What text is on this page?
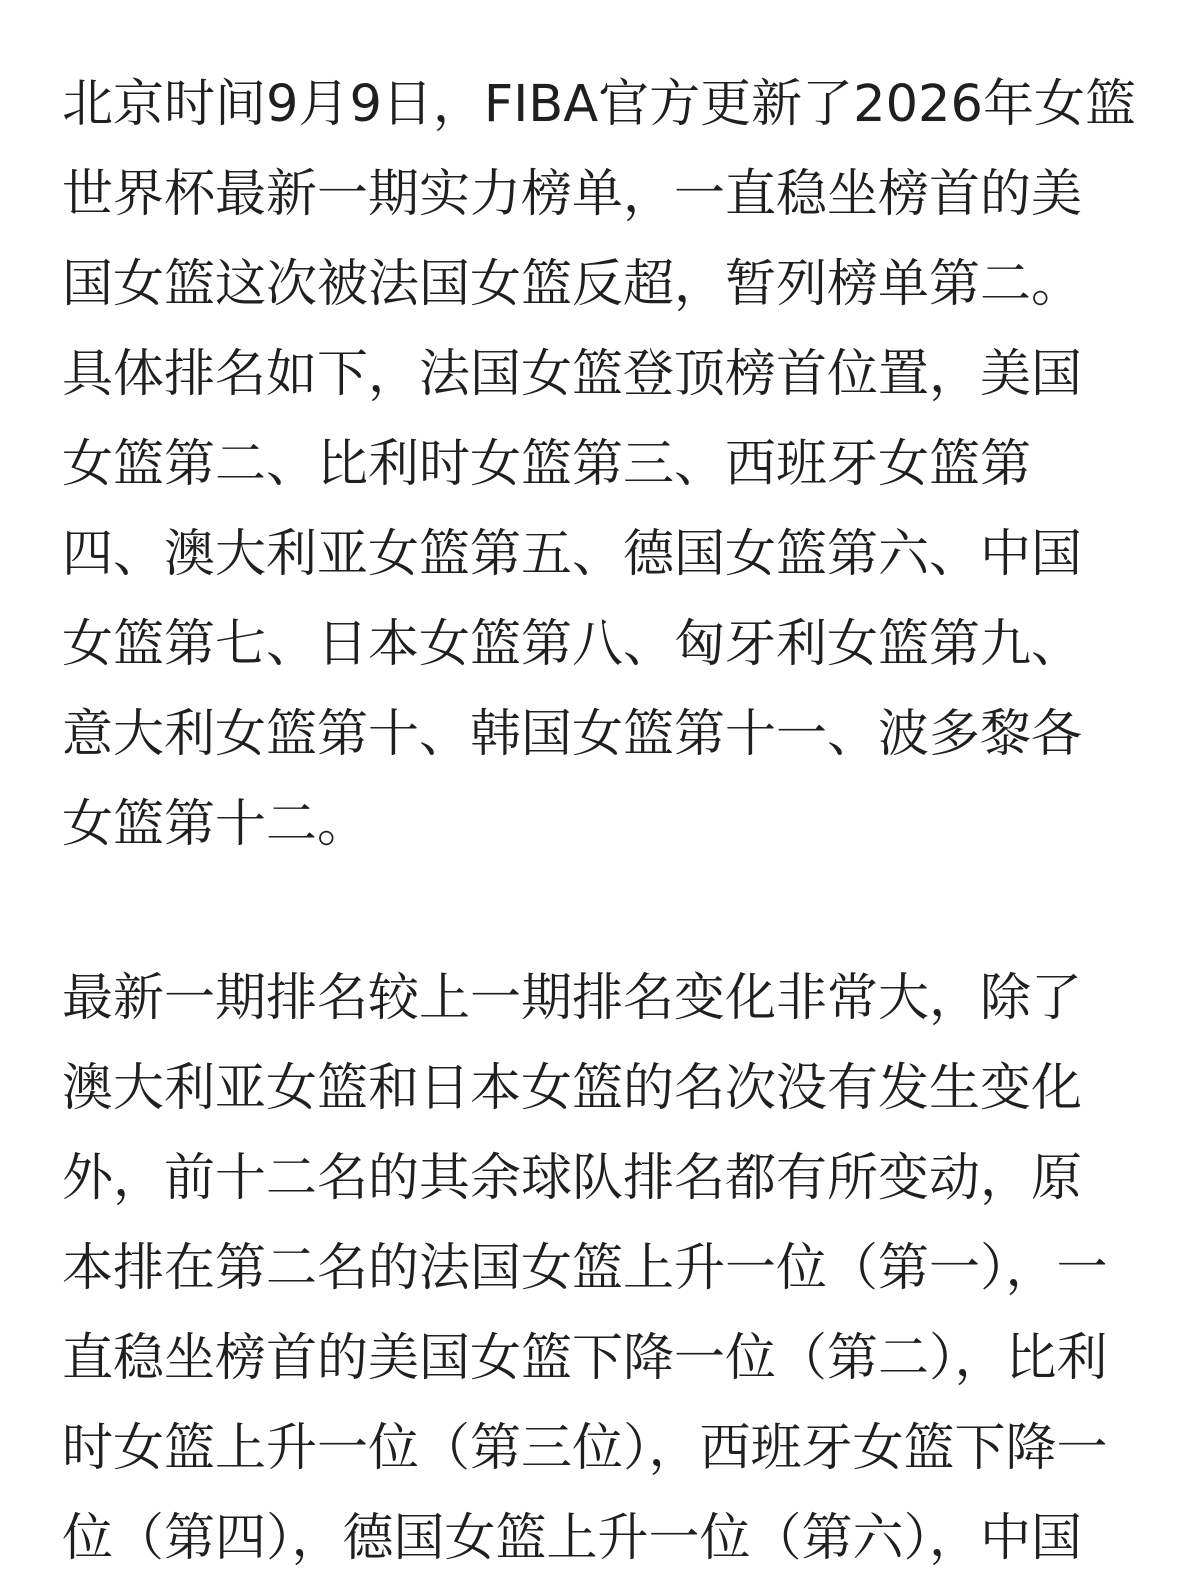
北京时间9月9日，FIBA官方更新了2026年女篮
世界杯最新一期实力榜单，一直稳坐榜首的美
国女篮这次被法国女篮反超，暂列榜单第二。
具体排名如下，法国女篮登顶榜首位置，美国
女篮第二、比利时女篮第三、西班牙女篮第
四、澳大利亚女篮第五、德国女篮第六、中国
女篮第七、日本女篮第八、匈牙利女篮第九、
意大利女篮第十、韩国女篮第十一、波多黎各
女篮第十二。

最新一期排名较上一期排名变化非常大，除了
澳大利亚女篮和日本女篮的名次没有发生变化
外，前十二名的其余球队排名都有所变动，原
本排在第二名的法国女篮上升一位（第一），一
直稳坐榜首的美国女篮下降一位（第二），比利
时女篮上升一位（第三位），西班牙女篮下降一
位（第四），德国女篮上升一位（第六），中国
